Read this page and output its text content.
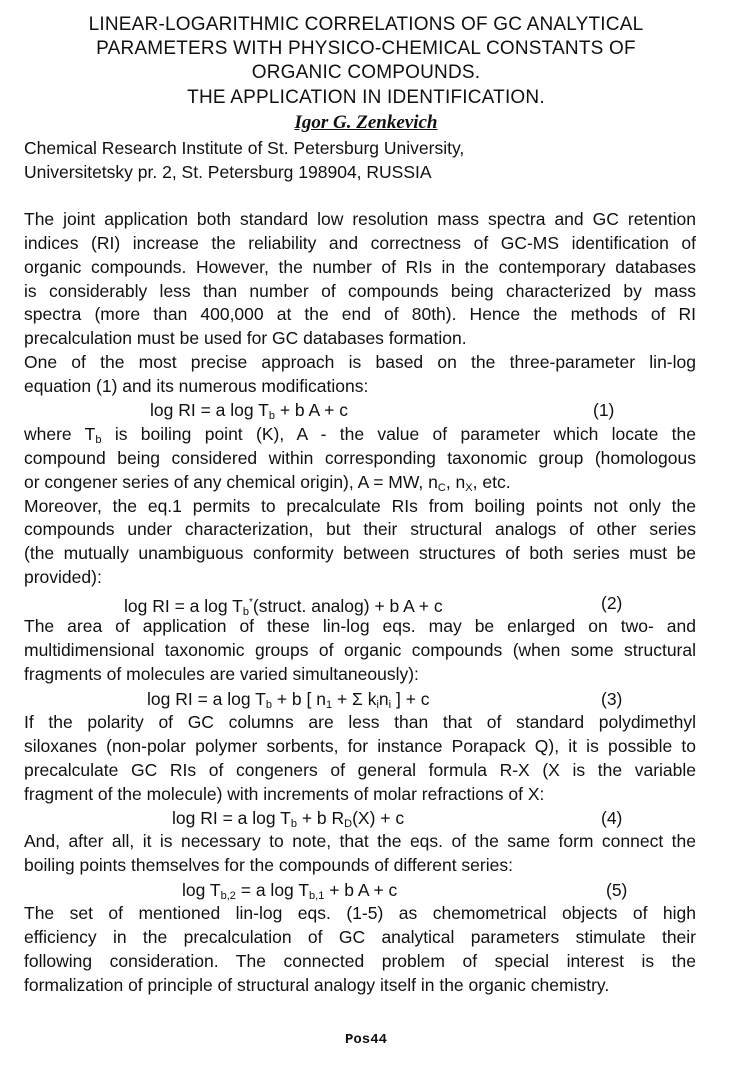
LINEAR-LOGARITHMIC CORRELATIONS OF GC ANALYTICAL
PARAMETERS WITH PHYSICO-CHEMICAL CONSTANTS OF
ORGANIC COMPOUNDS.
THE APPLICATION IN IDENTIFICATION.
Igor G. Zenkevich
Chemical Research Institute of St. Petersburg University,
Universitetsky pr. 2, St. Petersburg 198904, RUSSIA
The joint application both standard low resolution mass spectra and GC retention
indices (RI) increase the reliability and correctness of GC-MS identification of
organic compounds. However, the number of RIs in the contemporary databases
is considerably less than number of compounds being characterized by mass
spectra (more than 400,000 at the end of 80th). Hence the methods of RI
precalculation must be used for GC databases formation.
One of the most precise approach is based on the three-parameter lin-log
equation (1) and its numerous modifications:
log RI = a $\log T_b + b$ A + c	(1)
where $T_b$ is boiling point (K), A - the value of parameter which locate the
compound being considered within corresponding taxonomic group (homologous
or congener series of any chemical origin), A = MW, $n_C$, $n_X$, etc.
Moreover, the eq.1 permits to precalculate RIs from boiling points not only the
compounds under characterization, but their structural analogs of other series
(the mutually unambiguous conformity between structures of both series must be
provided):
log RI = a $\log T_b^*(struct$. analog) + b A + c	(2)
The area of application of these lin-log eqs. may be enlarged on two- and
multidimensional taxonomic groups of organic compounds (when some structural
fragments of molecules are varied simultaneously):
log RI = a $\log T_b + b$ [ $n_1 + \Sigma$ $k_in_i$ ] + c	(3)
If the polarity of GC columns are less than that of standard polydimethyl
siloxanes (non-polar polymer sorbents, for instance Porapack Q), it is possible to
precalculate GC RIs of congeners of general formula R-X (X is the variable
fragment of the molecule) with increments of molar refractions of X:
log RI = a $\log T_b + b$ $R_D(X) + c$	(4)
And, after all, it is necessary to note, that the eqs. of the same form connect the
boiling points themselves for the compounds of different series:
$\log T_{b,2} = a$ $\log T_{b,1} + b$ A + c	(5)
The set of mentioned lin-log eqs. (1-5) as chemometrical objects of high
efficiency in the precalculation of GC analytical parameters stimulate their
following consideration. The connected problem of special interest is the
formalization of principle of structural analogy itself in the organic chemistry.
Pos44
